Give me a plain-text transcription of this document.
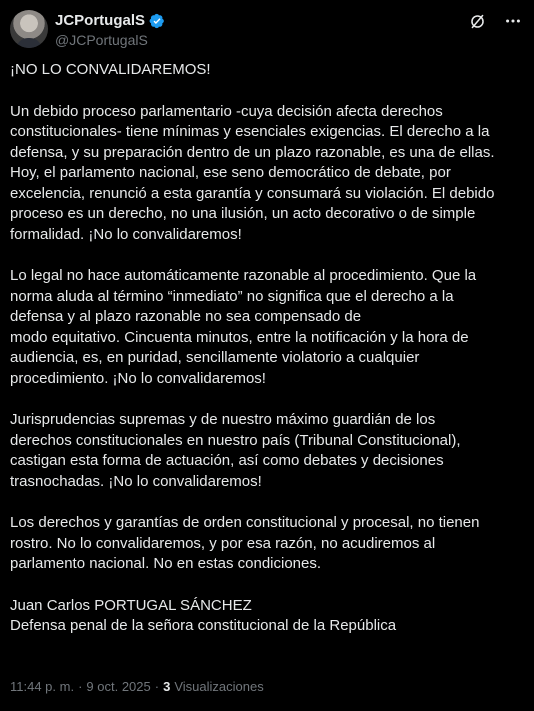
JCPortugalS
@JCPortugalS

¡NO LO CONVALIDAREMOS!

Un debido proceso parlamentario -cuya decisión afecta derechos

constitucionales- tiene mínimas y esenciales exigencias. El derecho a la

defensa, y su preparación dentro de un plazo razonable, es una de ellas.

Hoy, el parlamento nacional, ese seno democrático de debate, por

excelencia, renunció a esta garantía y consumará su violación. El debido

proceso es un derecho, no una ilusión, un acto decorativo o de simple

formalidad. ¡No lo convalidaremos!

Lo legal no hace automáticamente razonable al procedimiento. Que la

norma aluda al término “inmediato” no significa que el derecho a la

defensa y al plazo razonable no sea compensado de

modo equitativo. Cincuenta minutos, entre la notificación y la hora de

audiencia, es, en puridad, sencillamente violatorio a cualquier

procedimiento. ¡No lo convalidaremos!

Jurisprudencias supremas y de nuestro máximo guardián de los

derechos constitucionales en nuestro país (Tribunal Constitucional),

castigan esta forma de actuación, así como debates y decisiones

trasnochadas. ¡No lo convalidaremos!

Los derechos y garantías de orden constitucional y procesal, no tienen

rostro. No lo convalidaremos, y por esa razón, no acudiremos al

parlamento nacional. No en estas condiciones.

Juan Carlos PORTUGAL SÁNCHEZ

Defensa penal de la señora constitucional de la República

11:44 p. m. · 9 oct. 2025 · 3 Visualizaciones
